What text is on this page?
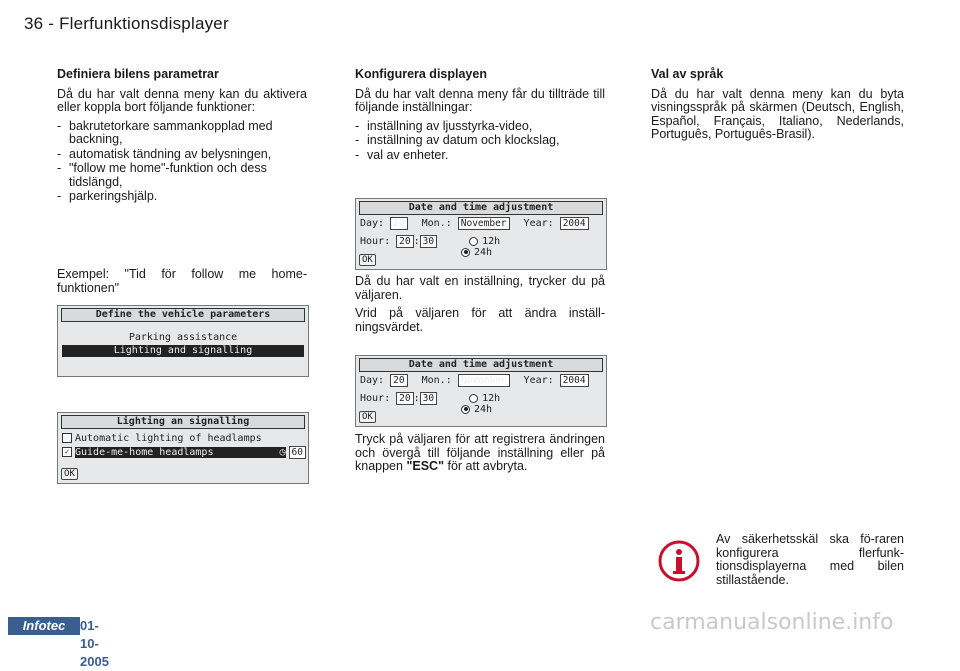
36 - Flerfunktionsdisplayer
Definiera bilens parametrar

Då du har valt denna meny kan du aktivera eller koppla bort följande funktioner:

- bakrutetorkare sammankopplad med backning,
- automatisk tändning av belysningen,
- "follow me home"-funktion och dess tidslängd,
- parkeringshjälp.

Exempel: "Tid för follow me home-funktionen"

Define the vehicle parameters
Parking assistance
Lighting and signalling
Lighting an signalling
Automatic lighting of headlamps
✓ Guide-me-home headlamps	◷ 60
OK
Konfigurera displayen

Då du har valt denna meny får du tillträde till följande inställningar:

- inställning av ljusstyrka-video,
- inställning av datum och klockslag,
- val av enheter.
Date and time adjustment
Day: 20 Mon.: November Year: 2004
Hour: 20 : 30	12h
24h
OK

Då du har valt en inställning, trycker du på väljaren.

Vrid på väljaren för att ändra inställ-ningsvärdet.

Date and time adjustment
Day: 20 Mon.: November Year: 2004
Hour: 20 : 30	12h
24h
OK

Tryck på väljaren för att registrera ändringen och övergå till följande inställning eller på knappen "ESC" för att avbryta.

Val av språk

Då du har valt denna meny kan du byta visningsspråk på skärmen (Deutsch, English, Español, Français, Italiano, Nederlands, Português, Português-Brasil).

Av säkerhetsskäl ska fö-raren konfigurera flerfunk-tionsdisplayerna med bilen stillastående.

Infotec	01-10-2005
carmanualsonline.info
